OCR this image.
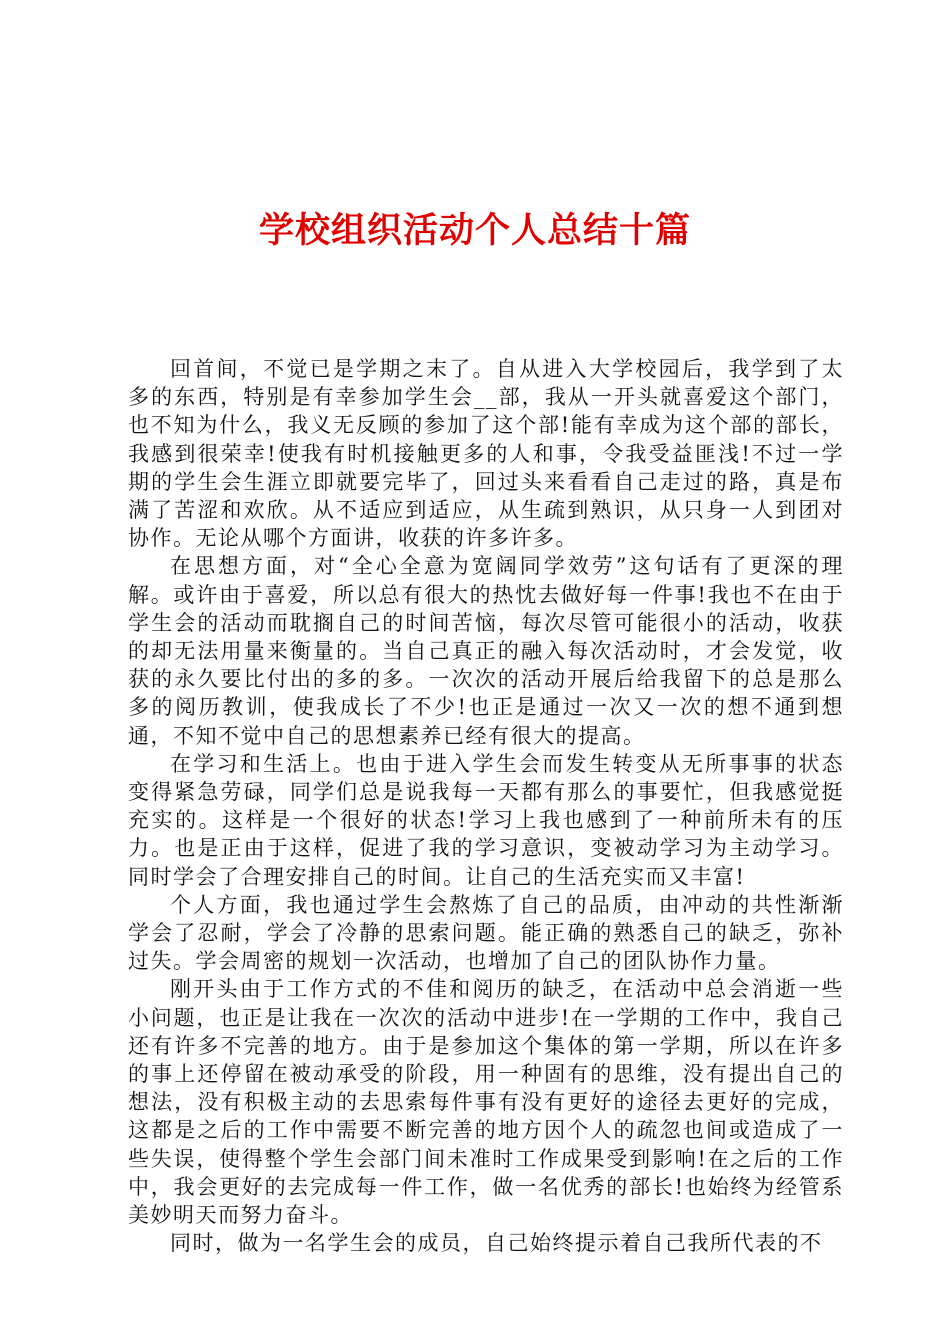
学校组织活动个人总结十篇

回首间，不觉已是学期之末了。自从进入大学校园后，我学到了太多的东西，特别是有幸参加学生会__部，我从一开头就喜爱这个部门，也不知为什么，我义无反顾的参加了这个部!能有幸成为这个部的部长，我感到很荣幸!使我有时机接触更多的人和事，令我受益匪浅!不过一学期的学生会生涯立即就要完毕了，回过头来看看自己走过的路，真是布满了苦涩和欢欣。从不适应到适应，从生疏到熟识，从只身一人到团对协作。无论从哪个方面讲，收获的许多许多。

在思想方面，对“全心全意为宽阔同学效劳”这句话有了更深的理解。或许由于喜爱，所以总有很大的热忱去做好每一件事!我也不在由于学生会的活动而耽搁自己的时间苦恼，每次尽管可能很小的活动，收获的却无法用量来衡量的。当自己真正的融入每次活动时，才会发觉，收获的永久要比付出的多的多。一次次的活动开展后给我留下的总是那么多的阅历教训，使我成长了不少!也正是通过一次又一次的想不通到想通，不知不觉中自己的思想素养已经有很大的提高。

在学习和生活上。也由于进入学生会而发生转变从无所事事的状态变得紧急劳碌，同学们总是说我每一天都有那么的事要忙，但我感觉挺充实的。这样是一个很好的状态!学习上我也感到了一种前所未有的压力。也是正由于这样，促进了我的学习意识，变被动学习为主动学习。同时学会了合理安排自己的时间。让自己的生活充实而又丰富!

个人方面，我也通过学生会熬炼了自己的品质，由冲动的共性渐渐学会了忍耐，学会了冷静的思索问题。能正确的熟悉自己的缺乏，弥补过失。学会周密的规划一次活动，也增加了自己的团队协作力量。

刚开头由于工作方式的不佳和阅历的缺乏，在活动中总会消逝一些小问题，也正是让我在一次次的活动中进步!在一学期的工作中，我自己还有许多不完善的地方。由于是参加这个集体的第一学期，所以在许多的事上还停留在被动承受的阶段，用一种固有的思维，没有提出自己的想法，没有积极主动的去思索每件事有没有更好的途径去更好的完成，这都是之后的工作中需要不断完善的地方因个人的疏忽也间或造成了一些失误，使得整个学生会部门间未准时工作成果受到影响!在之后的工作中，我会更好的去完成每一件工作，做一名优秀的部长!也始终为经管系美妙明天而努力奋斗。

同时，做为一名学生会的成员，自己始终提示着自己我所代表的不
